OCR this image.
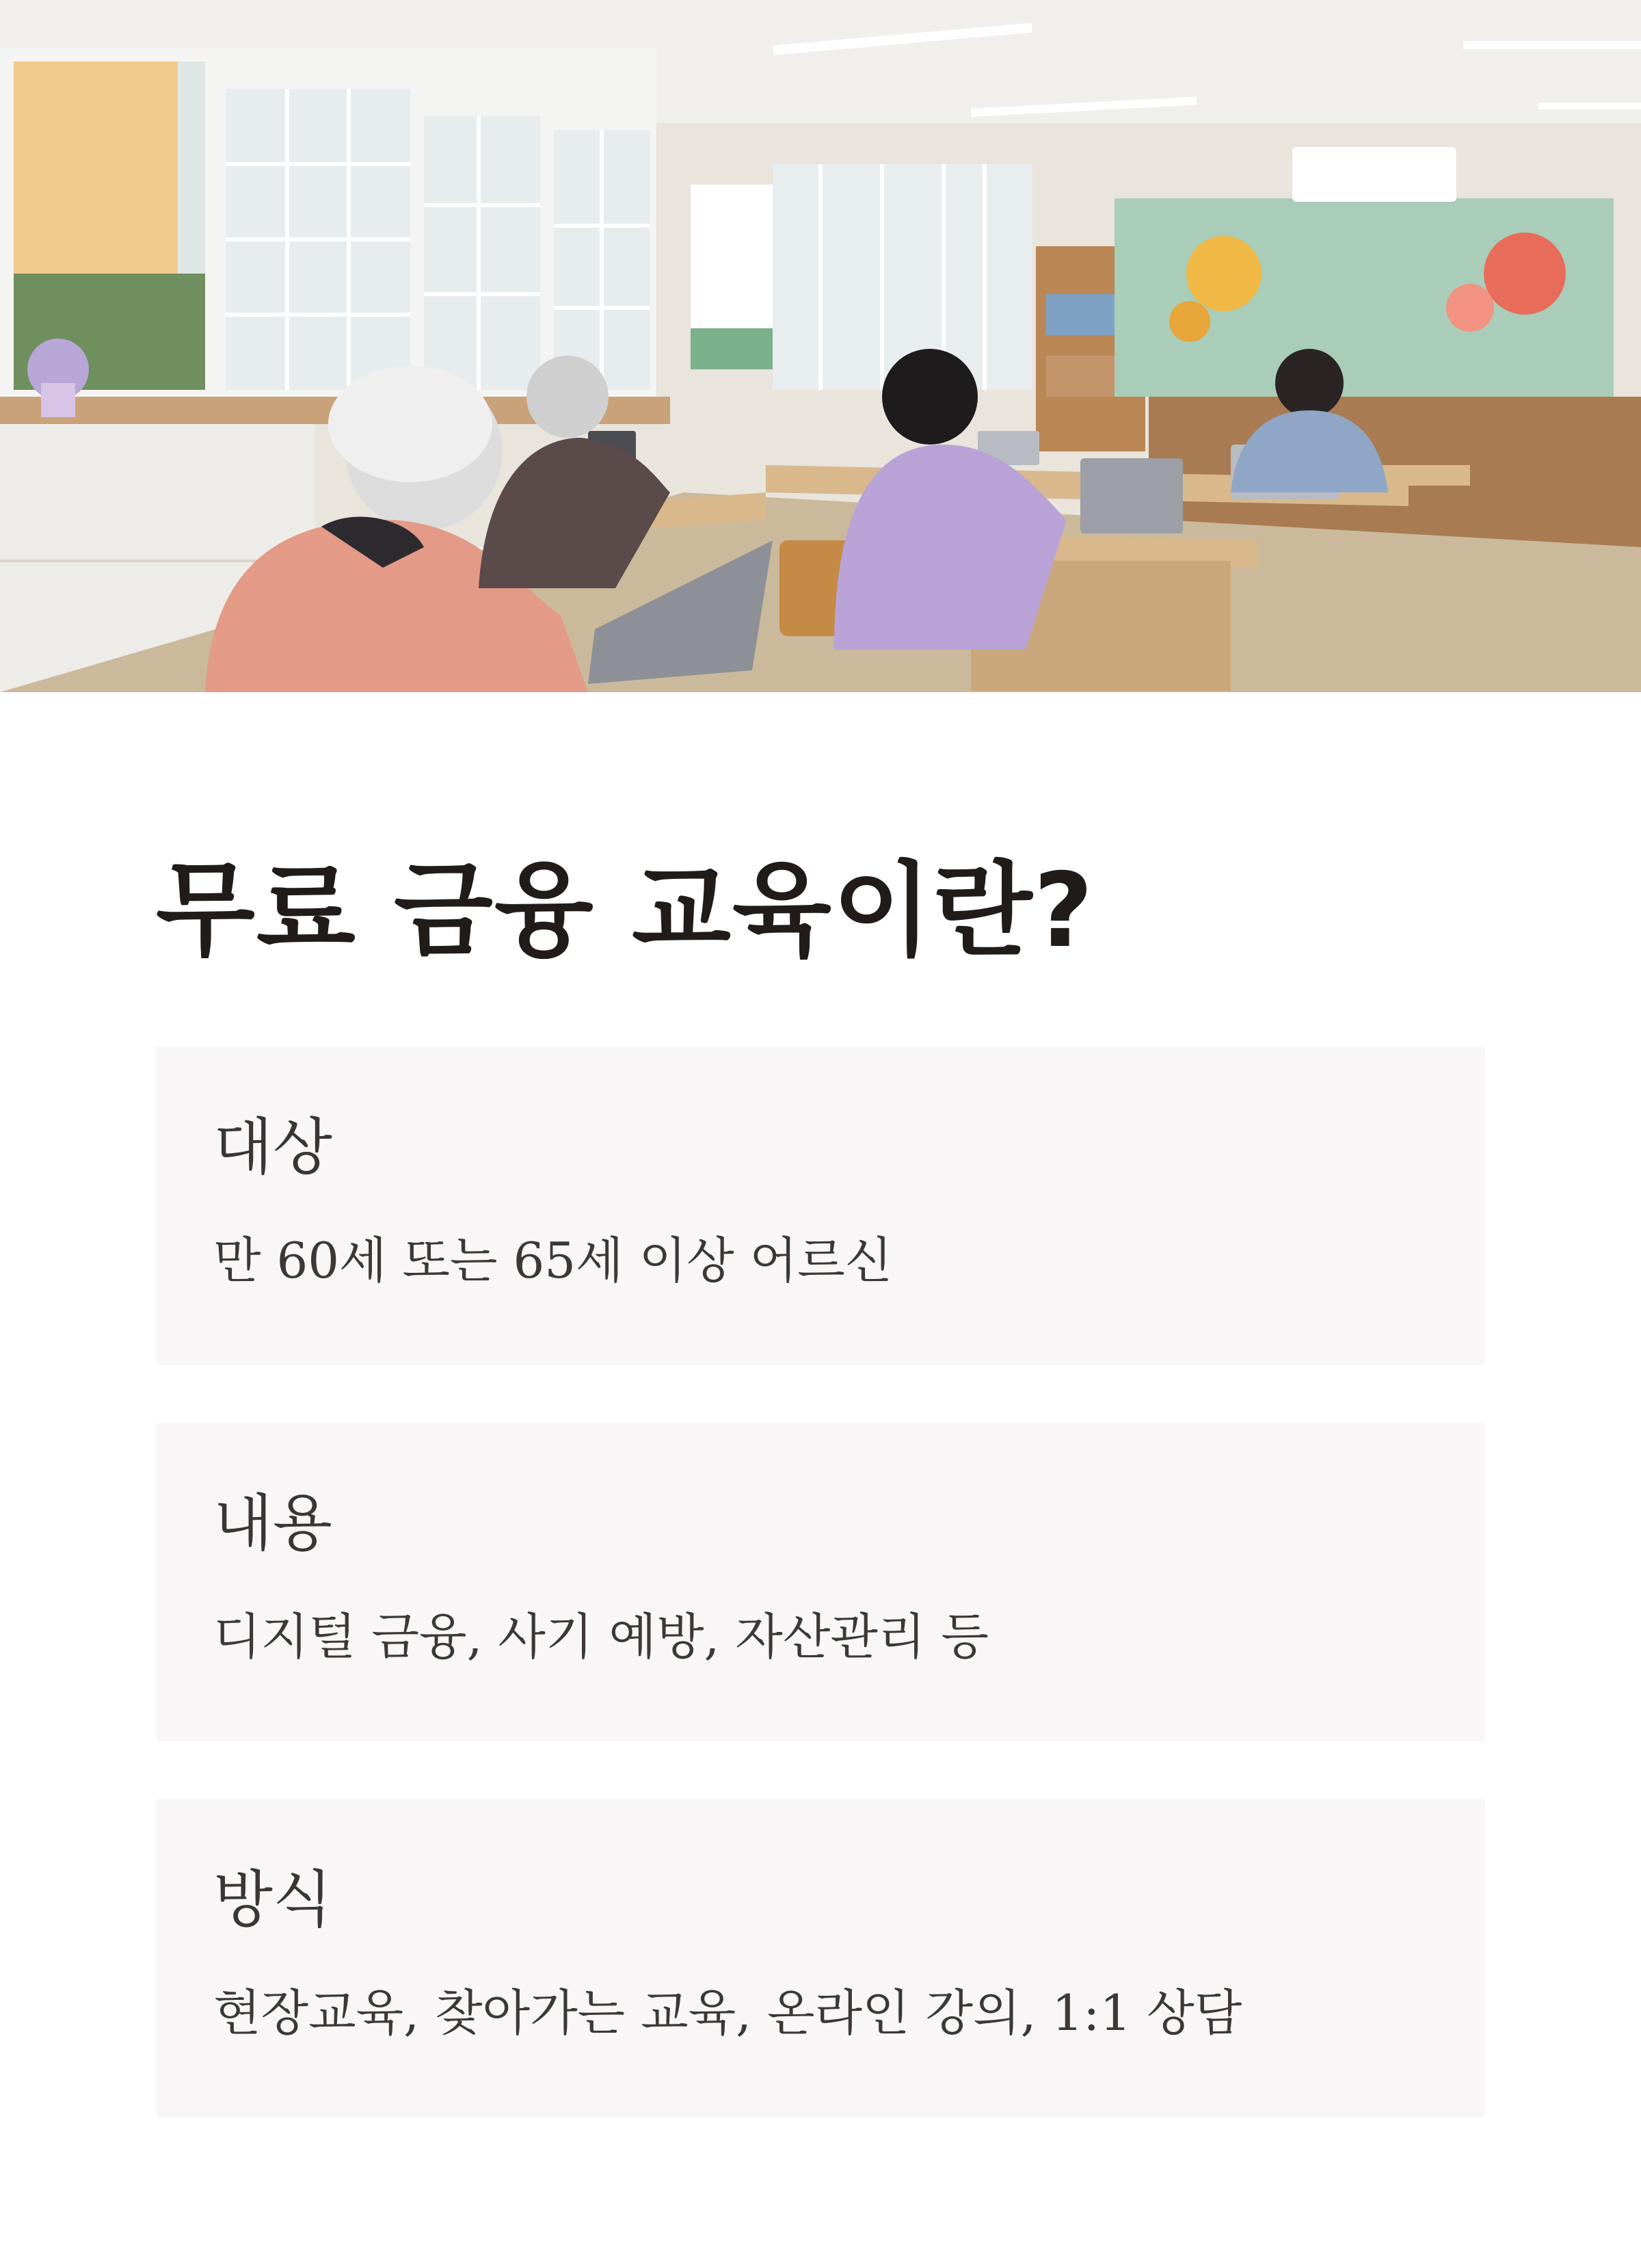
무료 금융 교육이란?
대상

만 60세 또는 65세 이상 어르신

내용

디지털 금융, 사기 예방, 자산관리 등

방식

현장교육, 찾아가는 교육, 온라인 강의, 1:1 상담
